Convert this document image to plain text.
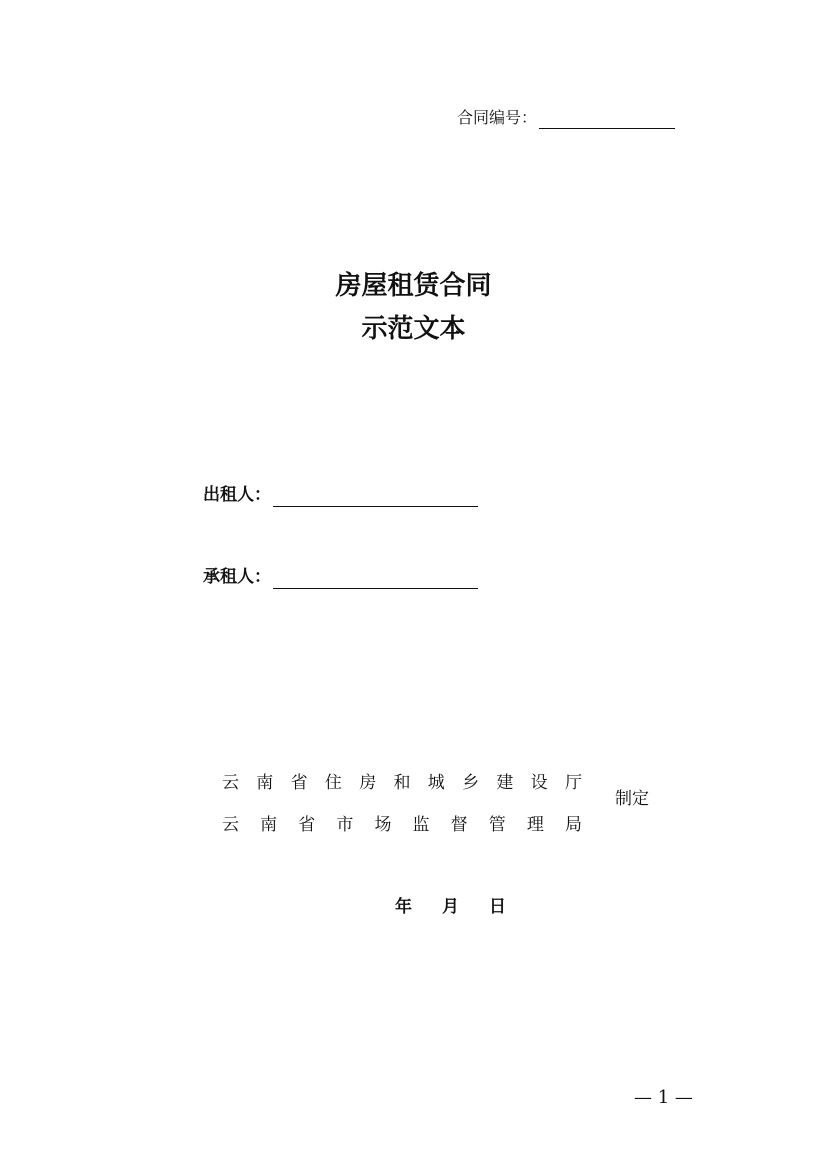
合同编号：
房屋租赁合同
示范文本
出租人：
承租人：
云 南 省 住 房 和 城 乡 建 设 厅
云 南 省 市 场 监 督 管 理 局
制定
年 月 日
— 1 —
